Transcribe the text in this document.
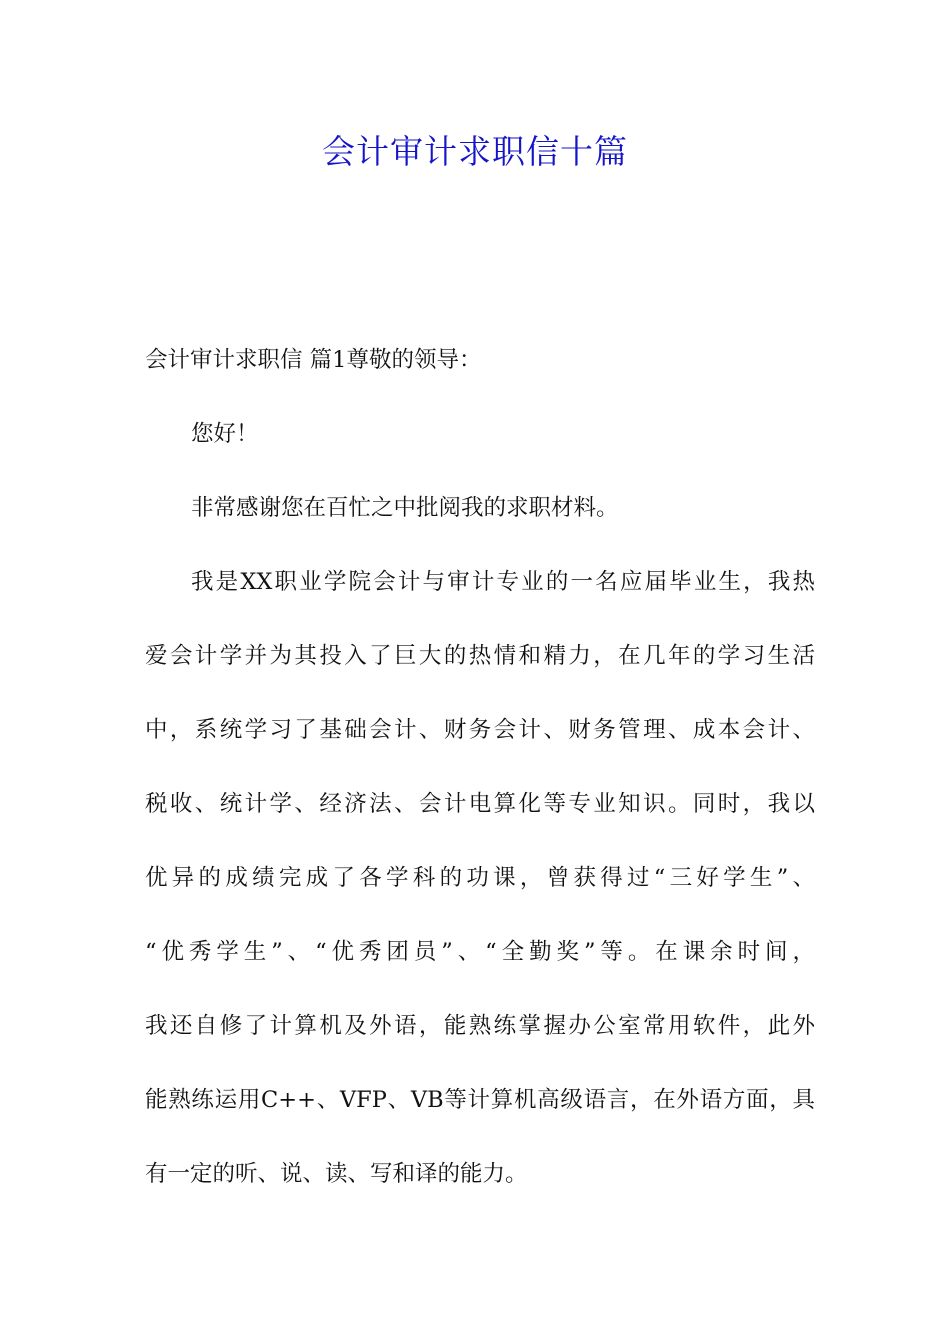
会计审计求职信十篇

会计审计求职信 篇1尊敬的领导：

您好！

非常感谢您在百忙之中批阅我的求职材料。

我是XX职业学院会计与审计专业的一名应届毕业生，我热

爱会计学并为其投入了巨大的热情和精力，在几年的学习生活

中，系统学习了基础会计、财务会计、财务管理、成本会计、

税收、统计学、经济法、会计电算化等专业知识。同时，我以

优异的成绩完成了各学科的功课，曾获得过“三好学生”、

“优秀学生”、“优秀团员”、“全勤奖”等。在课余时间，

我还自修了计算机及外语，能熟练掌握办公室常用软件，此外

能熟练运用C++、VFP、VB等计算机高级语言，在外语方面，具

有一定的听、说、读、写和译的能力。
